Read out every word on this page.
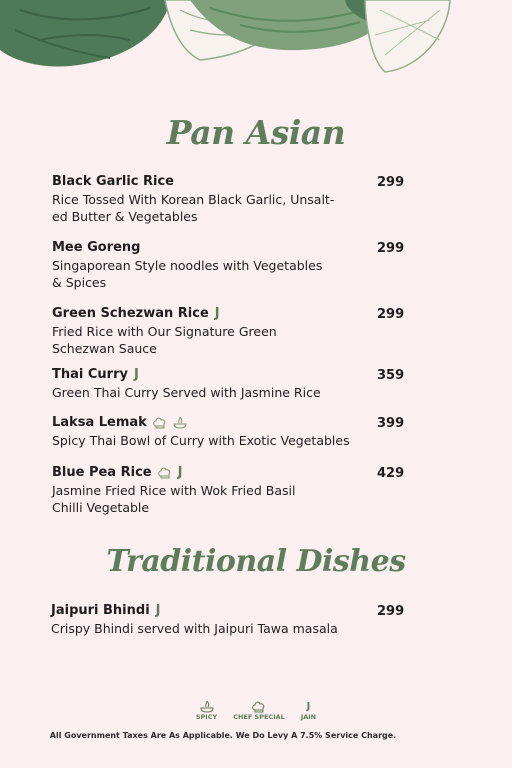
Pan Asian
Black Garlic Rice
Rice Tossed With Korean Black Garlic, Unsalt-ed Butter & Vegetables
299
Mee Goreng
Singaporean Style noodles with Vegetables & Spices
299
Green Schezwan Rice J
Fried Rice with Our Signature Green Schezwan Sauce
299
Thai Curry J
Green Thai Curry Served with Jasmine Rice
359
Laksa Lemak
Spicy Thai Bowl of Curry with Exotic Vegetables
399
Blue Pea Rice J
Jasmine Fried Rice with Wok Fried Basil Chilli Vegetable
429
Traditional Dishes
Jaipuri Bhindi J
Crispy Bhindi served with Jaipuri Tawa masala
299
SPICY CHEF SPECIAL
J
JAIN
All Government Taxes Are As Applicable. We Do Levy A 7.5% Service Charge.
